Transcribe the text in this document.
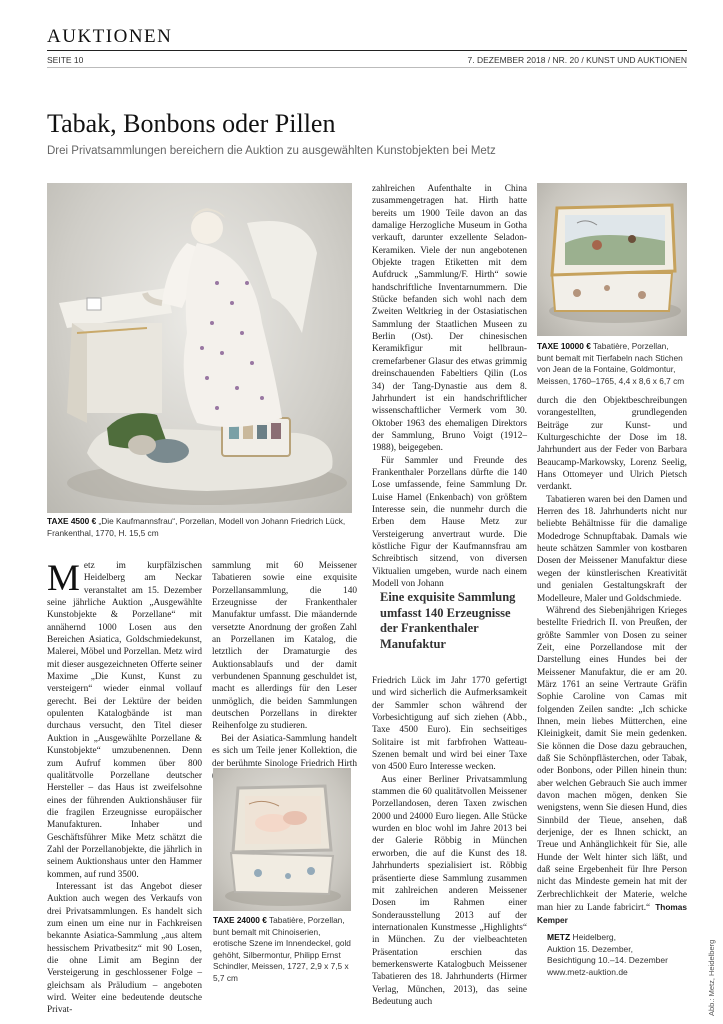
AUKTIONEN
SEITE 10	7. DEZEMBER 2018 / NR. 20 / KUNST UND AUKTIONEN
Tabak, Bonbons oder Pillen
Drei Privatsammlungen bereichern die Auktion zu ausgewählten Kunstobjekten bei Metz
TAXE 4500 € „Die Kaufmannsfrau“, Porzellan, Modell von Johann Friedrich Lück, Frankenthal, 1770, H. 15,5 cm
TAXE 10000 € Tabatière, Porzellan, bunt bemalt mit Tierfabeln nach Stichen von Jean de la Fontaine, Goldmontur, Meissen, 1760–1765, 4,4 x 8,6 x 6,7 cm

Metz im kurpfälzischen Heidelberg am Neckar veranstaltet am 15. Dezember seine jährliche Auktion „Ausgewählte Kunstobjekte & Porzellane“ mit annähernd 1000 Losen aus den Bereichen Asiatica, Goldschmiedekunst, Malerei, Möbel und Porzellan. Metz wird mit dieser ausgezeichneten Offerte seiner Maxime „Die Kunst, Kunst zu versteigern“ wieder einmal vollauf gerecht. Bei der Lektüre der beiden opulenten Katalogbände ist man durchaus versucht, den Titel dieser Auktion in „Ausgewählte Porzellane & Kunstobjekte“ umzubenennen. Denn zum Aufruf kommen über 800 qualitätvolle Porzellane deutscher Hersteller – das Haus ist zweifelsohne eines der führenden Auktionshäuser für die fragilen Erzeugnisse europäischer Manufakturen. Inhaber und Geschäftsführer Mike Metz schätzt die Zahl der Porzellanobjekte, die jährlich in seinem Auktionshaus unter den Hammer kommen, auf rund 3500.

Interessant ist das Angebot dieser Auktion auch wegen des Verkaufs von drei Privatsammlungen. Es handelt sich zum einen um eine nur in Fachkreisen bekannte Asiatica-Sammlung „aus altem hessischem Privatbesitz“ mit 90 Losen, die ohne Limit am Beginn der Versteigerung in geschlossener Folge – gleichsam als Präludium – angeboten wird. Weiter eine bedeutende deutsche Privat-

sammlung mit 60 Meissener Tabatieren sowie eine exquisite Porzellansammlung, die 140 Erzeugnisse der Frankenthaler Manufaktur umfasst. Die mäandernde versetzte Anordnung der großen Zahl an Porzellanen im Katalog, die letztlich der Dramaturgie des Auktionsablaufs und der damit verbundenen Spannung geschuldet ist, macht es allerdings für den Leser unmöglich, die beiden Sammlungen deutschen Porzellans in direkter Reihenfolge zu studieren.

Bei der Asiatica-Sammlung handelt es sich um Teile jener Kollektion, die der berühmte Sinologe Friedrich Hirth

TAXE 24000 € Tabatière, Porzellan, bunt bemalt mit Chinoiserien, erotische Szene im Innendeckel, gold gehöht, Silbermontur, Philipp Ernst Schindler, Meissen, 1727, 2,9 x 7,5 x 5,7 cm

zahlreichen Aufenthalte in China zusammengetragen hat. Hirth hatte bereits um 1900 Teile davon an das damalige Herzogliche Museum in Gotha verkauft, darunter exzellente Seladon-Keramiken. Viele der nun angebotenen Objekte tragen Etiketten mit dem Aufdruck „Sammlung/F. Hirth“ sowie handschriftliche Inventarnummern. Die Stücke befanden sich wohl nach dem Zweiten Weltkrieg in der Ostasiatischen Sammlung der Staatlichen Museen zu Berlin (Ost). Der chinesischen Keramikfigur mit hellbraun-cremefarbener Glasur des etwas grimmig dreinschauenden Fabeltiers Qilin (Los 34) der Tang-Dynastie aus dem 8. Jahrhundert ist ein handschriftlicher wissenschaftlicher Vermerk vom 30. Oktober 1963 des ehemaligen Direktors der Sammlung, Bruno Voigt (1912–1988), beigegeben.

Für Sammler und Freunde des Frankenthaler Porzellans dürfte die 140 Lose umfassende, feine Sammlung Dr. Luise Hamel (Enkenbach) von größtem Interesse sein, die nunmehr durch die Erben dem Hause Metz zur Versteigerung anvertraut wurde. Die köstliche Figur der Kaufmannsfrau am Schreibtisch sitzend, von diversen Viktualien umgeben, wurde nach einem Modell von Johann

Eine exquisite Sammlung umfasst 140 Erzeugnisse der Frankenthaler Manufaktur

Friedrich Lück im Jahr 1770 gefertigt und wird sicherlich die Aufmerksamkeit der Sammler schon während der Vorbesichtigung auf sich ziehen (Abb., Taxe 4500 Euro). Ein sechseitiges Solitaire ist mit farbfrohen Watteau-Szenen bemalt und wird bei einer Taxe von 4500 Euro Interesse wecken.

Aus einer Berliner Privatsammlung stammen die 60 qualitätvollen Meissener Porzellandosen, deren Taxen zwischen 2000 und 24000 Euro liegen. Alle Stücke wurden en bloc wohl im Jahre 2013 bei der Galerie Röbbig in München erworben, die auf die Kunst des 18. Jahrhunderts spezialisiert ist. Röbbig präsentierte diese Sammlung zusammen mit zahlreichen anderen Meissener Dosen im Rahmen einer Sonderausstellung 2013 auf der internationalen Kunstmesse „Highlights“ in München. Zu der vielbeachteten Präsentation erschien das bemerkenswerte Katalogbuch Meissener Tabatieren des 18. Jahrhunderts (Hirmer Verlag, München, 2013), das seine Bedeutung auch

durch die den Objektbeschreibungen vorangestellten, grundlegenden Beiträge zur Kunst- und Kulturgeschichte der Dose im 18. Jahrhundert aus der Feder von Barbara Beaucamp-Markowsky, Lorenz Seelig, Hans Ottomeyer und Ulrich Pietsch verdankt.

Tabatieren waren bei den Damen und Herren des 18. Jahrhunderts nicht nur beliebte Behältnisse für die damalige Modedroge Schnupftabak. Damals wie heute schätzen Sammler von kostbaren Dosen der Meissener Manufaktur diese wegen der künstlerischen Kreativität und genialen Gestaltungskraft der Modelleure, Maler und Goldschmiede.

Während des Siebenjährigen Krieges bestellte Friedrich II. von Preußen, der größte Sammler von Dosen zu seiner Zeit, eine Porzellandose mit der Darstellung eines Hundes bei der Meissener Manufaktur, die er am 20. März 1761 an seine Vertraute Gräfin Sophie Caroline von Camas mit folgenden Zeilen sandte: „Ich schicke Ihnen, mein liebes Mütterchen, eine Kleinigkeit, damit Sie mein gedenken. Sie können die Dose dazu gebrauchen, daß Sie Schönpflästerchen, oder Tabak, oder Bonbons, oder Pillen hinein thun: aber welchen Gebrauch Sie auch immer davon machen mögen, denken Sie wenigstens, wenn Sie diesen Hund, dies Sinnbild der Tieue, ansehen, daß derjenige, der es Ihnen schickt, an Treue und Anhänglichkeit für Sie, alle Hunde der Welt hinter sich läßt, und daß seine Ergebenheit für Ihre Person nicht das Mindeste gemein hat mit der Zerbrechlichkeit der Materie, welche man hier zu Lande fabricirt.“ Thomas Kemper

METZ Heidelberg,
Auktion 15. Dezember,
Besichtigung 10.–14. Dezember
www.metz-auktion.de	Abb.: Metz, Heidelberg
